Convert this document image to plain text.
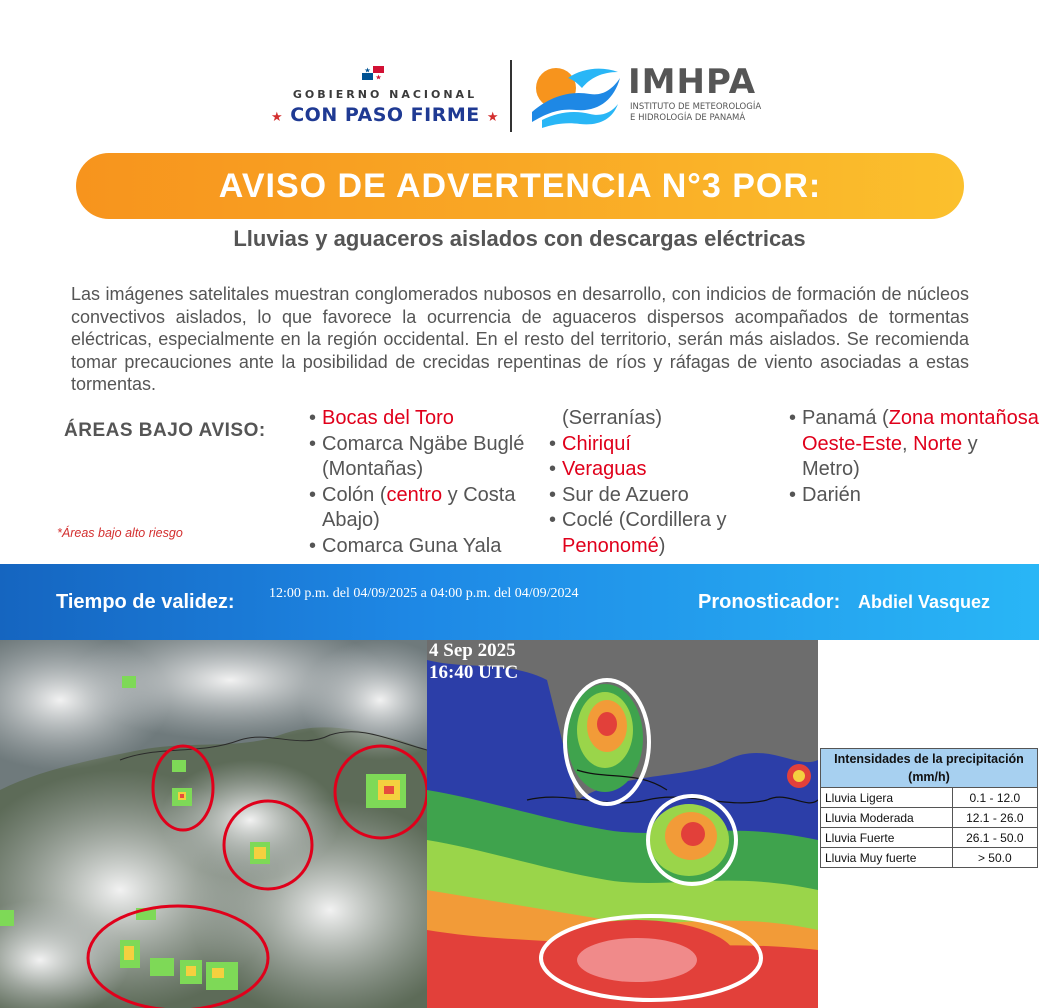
GOBIERNO NACIONAL
★ CON PASO FIRME ★
IMHPA
INSTITUTO DE METEOROLOGÍA
E HIDROLOGÍA DE PANAMÁ
AVISO DE ADVERTENCIA N°3 POR:
Lluvias y aguaceros aislados con descargas eléctricas
Las imágenes satelitales muestran conglomerados nubosos en desarrollo, con indicios de formación de núcleos convectivos aislados, lo que favorece la ocurrencia de aguaceros dispersos acompañados de tormentas eléctricas, especialmente en la región occidental. En el resto del territorio, serán más aislados. Se recomienda tomar precauciones ante la posibilidad de crecidas repentinas de ríos y ráfagas de viento asociadas a estas tormentas.
ÁREAS BAJO AVISO:
*Áreas bajo alto riesgo
• Bocas del Toro
• Comarca Ngäbe Buglé (Montañas)
• Colón (centro y Costa Abajo)
• Comarca Guna Yala
(Serranías)
• Chiriquí
• Veraguas
• Sur de Azuero
• Coclé (Cordillera y Penonomé)
• Panamá (Zona montañosa Oeste-Este, Norte y Metro)
• Darién
Tiempo de validez: 12:00 p.m. del 04/09/2025 a 04:00 p.m. del 04/09/2024	Pronosticador: Abdiel Vasquez
4 Sep 2025
16:40 UTC
Intensidades de la precipitación (mm/h)	
Lluvia Ligera	0.1 - 12.0
Lluvia Moderada	12.1 - 26.0
Lluvia Fuerte	26.1 - 50.0
Lluvia Muy fuerte	> 50.0
